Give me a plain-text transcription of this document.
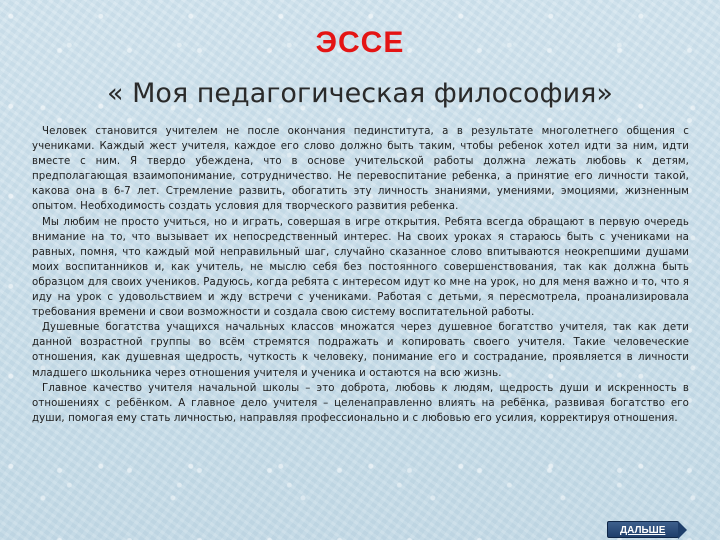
ЭССЕ
« Моя педагогическая философия»

Человек становится учителем не после окончания пединститута, а в результате многолетнего общения с учениками. Каждый жест учителя, каждое его слово должно быть таким, чтобы ребенок хотел идти за ним, идти вместе с ним. Я твердо убеждена, что в основе учительской работы должна лежать любовь к детям, предполагающая взаимопонимание, сотрудничество. Не перевоспитание ребенка, а принятие его личности такой, какова она в 6-7 лет. Стремление развить, обогатить эту личность знаниями, умениями, эмоциями, жизненным опытом. Необходимость создать условия для творческого развития ребенка.

Мы любим не просто учиться, но и играть, совершая в игре открытия. Ребята всегда обращают в первую очередь внимание на то, что вызывает их непосредственный интерес. На своих уроках я стараюсь быть с учениками на равных, помня, что каждый мой неправильный шаг, случайно сказанное слово впитываются неокрепшими душами моих воспитанников и, как учитель, не мыслю себя без постоянного совершенствования, так как должна быть образцом для своих учеников. Радуюсь, когда ребята с интересом идут ко мне на урок, но для меня важно и то, что я иду на урок с удовольствием и жду встречи с учениками. Работая с детьми, я пересмотрела, проанализировала требования времени и свои возможности и создала свою систему воспитательной работы.

Душевные богатства учащихся начальных классов множатся через душевное богатство учителя, так как дети данной возрастной группы во всём стремятся подражать и копировать своего учителя. Такие человеческие отношения, как душевная щедрость, чуткость к человеку, понимание его и сострадание, проявляется в личности младшего школьника через отношения учителя и ученика и остаются на всю жизнь.

Главное качество учителя начальной школы – это доброта, любовь к людям, щедрость души и искренность в отношениях с ребёнком. А главное дело учителя – целенаправленно влиять на ребёнка, развивая богатство его души, помогая ему стать личностью, направляя профессионально и с любовью его усилия, корректируя отношения.

ДАЛЬШЕ
